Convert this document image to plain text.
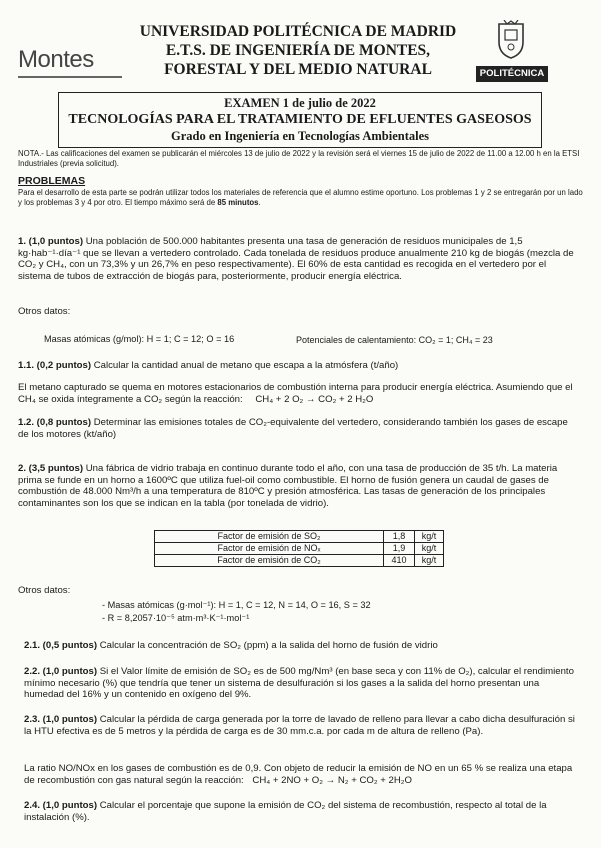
Montes
UNIVERSIDAD POLITÉCNICA DE MADRID
E.T.S. DE INGENIERÍA DE MONTES,
FORESTAL Y DEL MEDIO NATURAL	POLITÉCNICA
EXAMEN 1 de julio de 2022
TECNOLOGÍAS PARA EL TRATAMIENTO DE EFLUENTES GASEOSOS
Grado en Ingeniería en Tecnologías Ambientales
NOTA.- Las calificaciones del examen se publicarán el miércoles 13 de julio de 2022 y la revisión será el viernes 15 de julio de 2022 de 11.00 a 12.00 h en la ETSI Industriales (previa solicitud).
PROBLEMAS
Para el desarrollo de esta parte se podrán utilizar todos los materiales de referencia que el alumno estime oportuno. Los problemas 1 y 2 se entregarán por un lado y los problemas 3 y 4 por otro. El tiempo máximo será de 85 minutos.
1. (1,0 puntos) Una población de 500.000 habitantes presenta una tasa de generación de residuos municipales de 1,5 kg·hab⁻¹·día⁻¹ que se llevan a vertedero controlado. Cada tonelada de residuos produce anualmente 210 kg de biogás (mezcla de CO₂ y CH₄, con un 73,3% y un 26,7% en peso respectivamente). El 60% de esta cantidad es recogida en el vertedero por el sistema de tubos de extracción de biogás para, posteriormente, producir energía eléctrica.
Otros datos:
Masas atómicas (g/mol): H = 1; C = 12; O = 16	Potenciales de calentamiento: CO₂ = 1; CH₄ = 23
1.1. (0,2 puntos) Calcular la cantidad anual de metano que escapa a la atmósfera (t/año)
El metano capturado se quema en motores estacionarios de combustión interna para producir energía eléctrica. Asumiendo que el CH₄ se oxida íntegramente a CO₂ según la reacción: CH₄ + 2 O₂ → CO₂ + 2 H₂O
1.2. (0,8 puntos) Determinar las emisiones totales de CO₂-equivalente del vertedero, considerando también los gases de escape de los motores (kt/año)
2. (3,5 puntos) Una fábrica de vidrio trabaja en continuo durante todo el año, con una tasa de producción de 35 t/h. La materia prima se funde en un horno a 1600ºC que utiliza fuel-oil como combustible. El horno de fusión genera un caudal de gases de combustión de 48.000 Nm³/h a una temperatura de 810ºC y presión atmosférica. Las tasas de generación de los principales contaminantes son los que se indican en la tabla (por tonelada de vidrio).
Factor de emisión de SO₂	1,8	kg/t
Factor de emisión de NOₓ	1,9	kg/t
Factor de emisión de CO₂	410	kg/t
Otros datos:
- Masas atómicas (g·mol⁻¹): H = 1, C = 12, N = 14, O = 16, S = 32
- R = 8,2057·10⁻⁵ atm·m³·K⁻¹·mol⁻¹
2.1. (0,5 puntos) Calcular la concentración de SO₂ (ppm) a la salida del horno de fusión de vidrio
2.2. (1,0 puntos) Si el Valor límite de emisión de SO₂ es de 500 mg/Nm³ (en base seca y con 11% de O₂), calcular el rendimiento mínimo necesario (%) que tendría que tener un sistema de desulfuración si los gases a la salida del horno presentan una humedad del 16% y un contenido en oxígeno del 9%.
2.3. (1,0 puntos) Calcular la pérdida de carga generada por la torre de lavado de relleno para llevar a cabo dicha desulfuración si la HTU efectiva es de 5 metros y la pérdida de carga es de 30 mm.c.a. por cada m de altura de relleno (Pa).
La ratio NO/NOx en los gases de combustión es de 0,9. Con objeto de reducir la emisión de NO en un 65 % se realiza una etapa de recombustión con gas natural según la reacción: CH₄ + 2NO + O₂ → N₂ + CO₂ + 2H₂O
2.4. (1,0 puntos) Calcular el porcentaje que supone la emisión de CO₂ del sistema de recombustión, respecto al total de la instalación (%).
